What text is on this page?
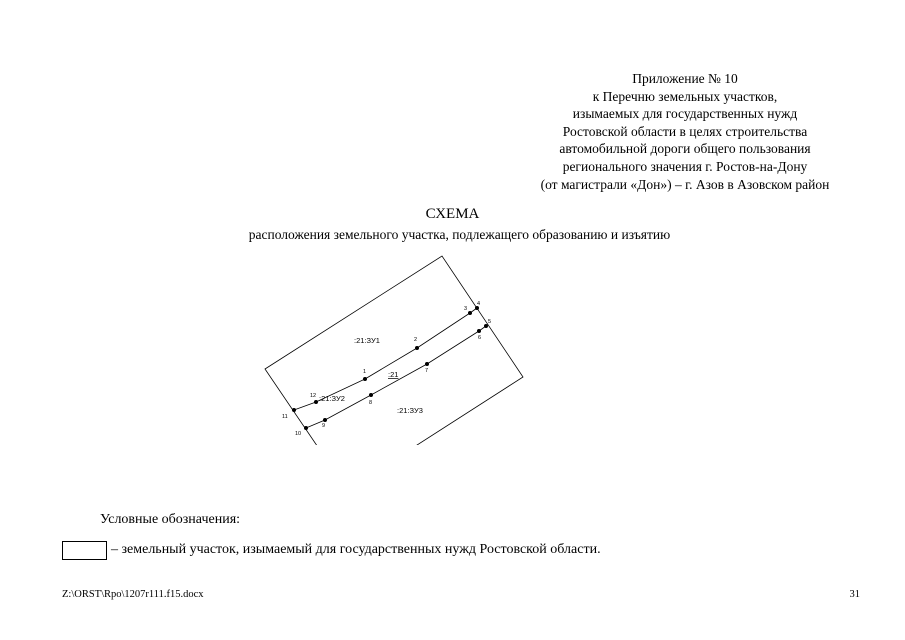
Приложение № 10
к Перечню земельных участков,
изымаемых для государственных нужд
Ростовской области в целях строительства
автомобильной дороги общего пользования
регионального значения г. Ростов-на-Дону
(от магистрали «Дон») – г. Азов в Азовском район
СХЕМА
расположения земельного участка, подлежащего образованию и изъятию
1
2
3
4
5
6
7
8
9
10
11
12
:21:ЗУ1
:21:ЗУ2
:21:ЗУ3
:21
Условные обозначения:
– земельный участок, изымаемый для государственных нужд Ростовской области.
Z:\ORST\Rpo\1207r111.f15.docx	31
